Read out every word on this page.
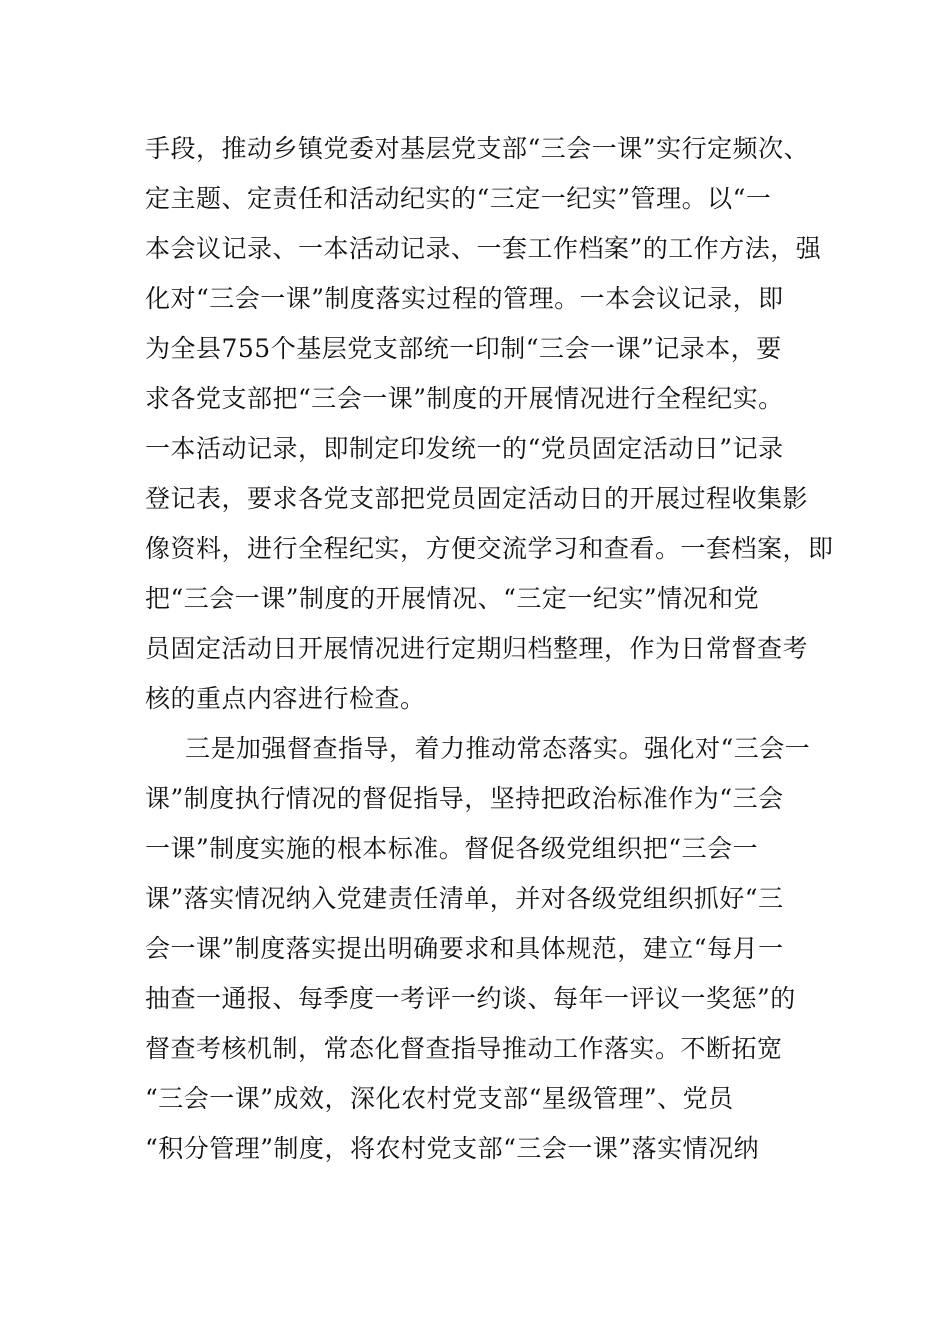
手段，推动乡镇党委对基层党支部“三会一课”实行定频次、
定主题、定责任和活动纪实的“三定一纪实”管理。以“一
本会议记录、一本活动记录、一套工作档案”的工作方法，强
化对“三会一课”制度落实过程的管理。一本会议记录，即
为全县755个基层党支部统一印制“三会一课”记录本，要
求各党支部把“三会一课”制度的开展情况进行全程纪实。
一本活动记录，即制定印发统一的“党员固定活动日”记录
登记表，要求各党支部把党员固定活动日的开展过程收集影
像资料，进行全程纪实，方便交流学习和查看。一套档案，即
把“三会一课”制度的开展情况、“三定一纪实”情况和党
员固定活动日开展情况进行定期归档整理，作为日常督查考
核的重点内容进行检查。
三是加强督查指导，着力推动常态落实。强化对“三会一
课”制度执行情况的督促指导，坚持把政治标准作为“三会
一课”制度实施的根本标准。督促各级党组织把“三会一
课”落实情况纳入党建责任清单，并对各级党组织抓好“三
会一课”制度落实提出明确要求和具体规范，建立“每月一
抽查一通报、每季度一考评一约谈、每年一评议一奖惩”的
督查考核机制，常态化督查指导推动工作落实。不断拓宽
“三会一课”成效，深化农村党支部“星级管理”、党员
“积分管理”制度，将农村党支部“三会一课”落实情况纳
